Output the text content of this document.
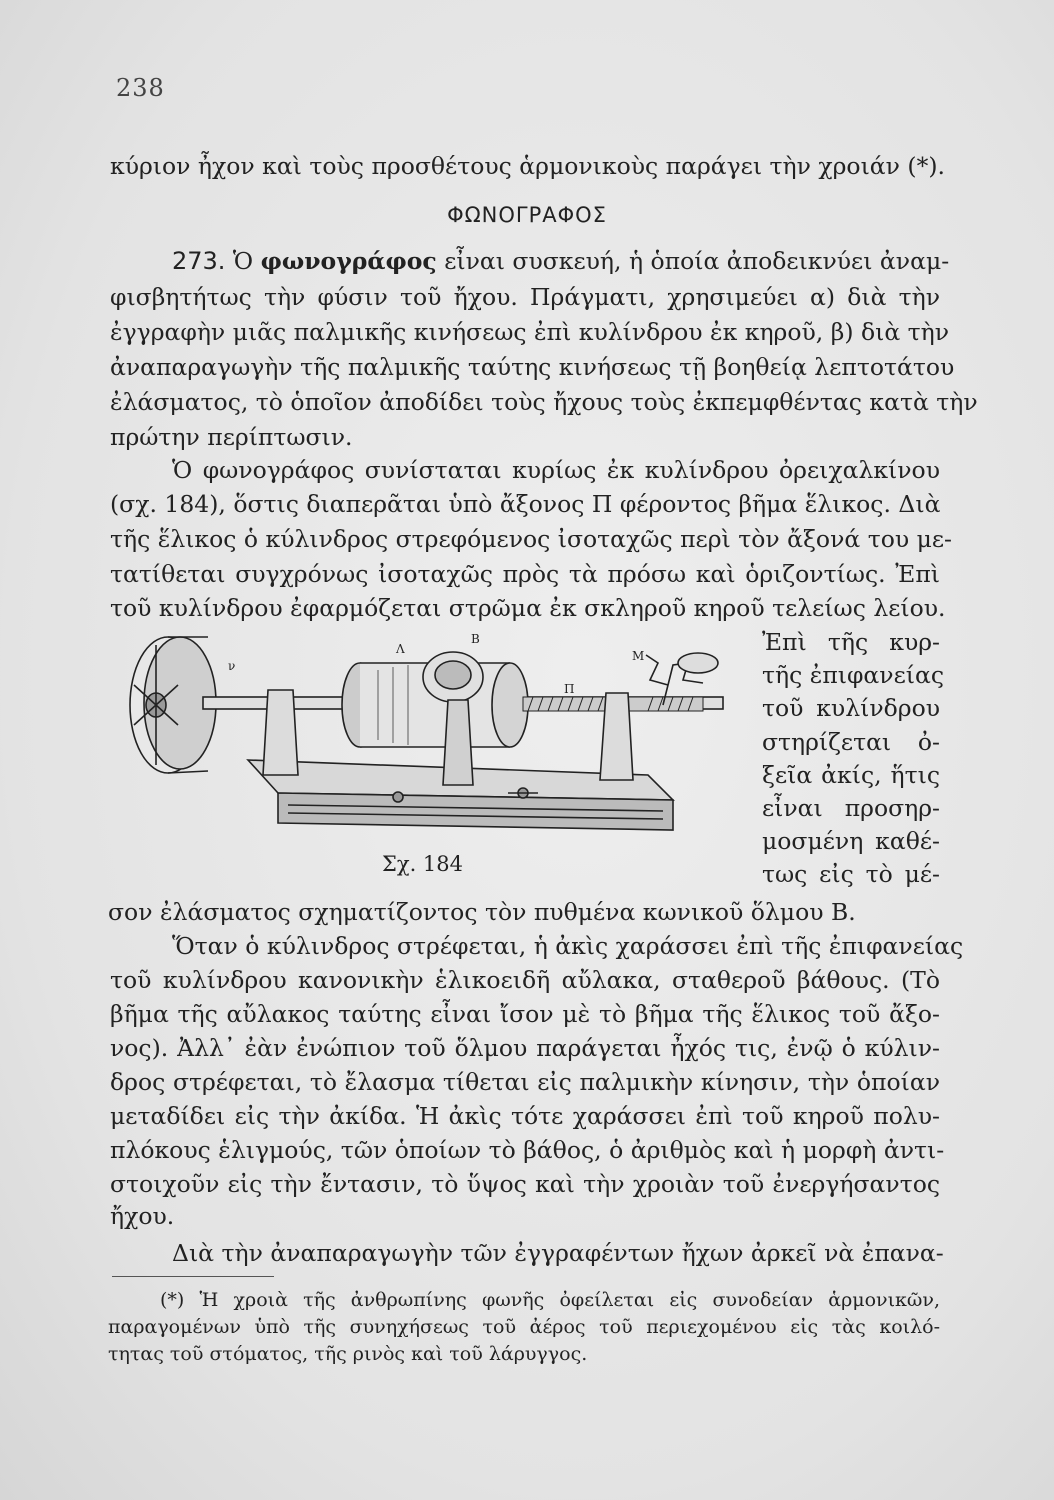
238
κύριον ἦχον καὶ τοὺς προσθέτους ἁρμονικοὺς παράγει τὴν χροιάν (*).
ΦΩΝΟΓΡΑΦΟΣ
273. Ὁ φωνογράφος εἶναι συσκευή, ἡ ὁποία ἀποδεικνύει ἀναμ-
φισβητήτως τὴν φύσιν τοῦ ἤχου. Πράγματι, χρησιμεύει α) διὰ τὴν
ἐγγραφὴν μιᾶς παλμικῆς κινήσεως ἐπὶ κυλίνδρου ἐκ κηροῦ, β) διὰ τὴν
ἀναπαραγωγὴν τῆς παλμικῆς ταύτης κινήσεως τῇ βοηθείᾳ λεπτοτάτου
ἐλάσματος, τὸ ὁποῖον ἀποδίδει τοὺς ἤχους τοὺς ἐκπεμφθέντας κατὰ τὴν
πρώτην περίπτωσιν.
Ὁ φωνογράφος συνίσταται κυρίως ἐκ κυλίνδρου ὀρειχαλκίνου
(σχ. 184), ὅστις διαπερᾶται ὑπὸ ἄξονος Π φέροντος βῆμα ἕλικος. Διὰ
τῆς ἕλικος ὁ κύλινδρος στρεφόμενος ἰσοταχῶς περὶ τὸν ἄξονά του με-
τατίθεται συγχρόνως ἰσοταχῶς πρὸς τὰ πρόσω καὶ ὁριζοντίως. Ἐπὶ
τοῦ κυλίνδρου ἐφαρμόζεται στρῶμα ἐκ σκληροῦ κηροῦ τελείως λείου.
Ἐπὶ τῆς κυρ-
τῆς ἐπιφανείας
τοῦ κυλίνδρου
στηρίζεται ὀ-
ξεῖα ἀκίς, ἥτις
εἶναι προσηρ-
μοσμένη καθέ-
τως εἰς τὸ μέ-
ν
Λ
Β
Μ
Π
Σχ. 184
σον ἐλάσματος σχηματίζοντος τὸν πυθμένα κωνικοῦ ὅλμου Β.
Ὅταν ὁ κύλινδρος στρέφεται, ἡ ἀκὶς χαράσσει ἐπὶ τῆς ἐπιφανείας
τοῦ κυλίνδρου κανονικὴν ἑλικοειδῆ αὔλακα, σταθεροῦ βάθους. (Τὸ
βῆμα τῆς αὔλακος ταύτης εἶναι ἴσον μὲ τὸ βῆμα τῆς ἕλικος τοῦ ἄξο-
νος). Ἀλλ᾽ ἐὰν ἐνώπιον τοῦ ὅλμου παράγεται ἦχός τις, ἐνῷ ὁ κύλιν-
δρος στρέφεται, τὸ ἔλασμα τίθεται εἰς παλμικὴν κίνησιν, τὴν ὁποίαν
μεταδίδει εἰς τὴν ἀκίδα. Ἡ ἀκὶς τότε χαράσσει ἐπὶ τοῦ κηροῦ πολυ-
πλόκους ἑλιγμούς, τῶν ὁποίων τὸ βάθος, ὁ ἀριθμὸς καὶ ἡ μορφὴ ἀντι-
στοιχοῦν εἰς τὴν ἔντασιν, τὸ ὕψος καὶ τὴν χροιὰν τοῦ ἐνεργήσαντος
ἤχου.
Διὰ τὴν ἀναπαραγωγὴν τῶν ἐγγραφέντων ἤχων ἀρκεῖ νὰ ἐπανα-
(*) Ἡ χροιὰ τῆς ἀνθρωπίνης φωνῆς ὀφείλεται εἰς συνοδείαν ἁρμονικῶν,
παραγομένων ὑπὸ τῆς συνηχήσεως τοῦ ἀέρος τοῦ περιεχομένου εἰς τὰς κοιλό-
τητας τοῦ στόματος, τῆς ρινὸς καὶ τοῦ λάρυγγος.
